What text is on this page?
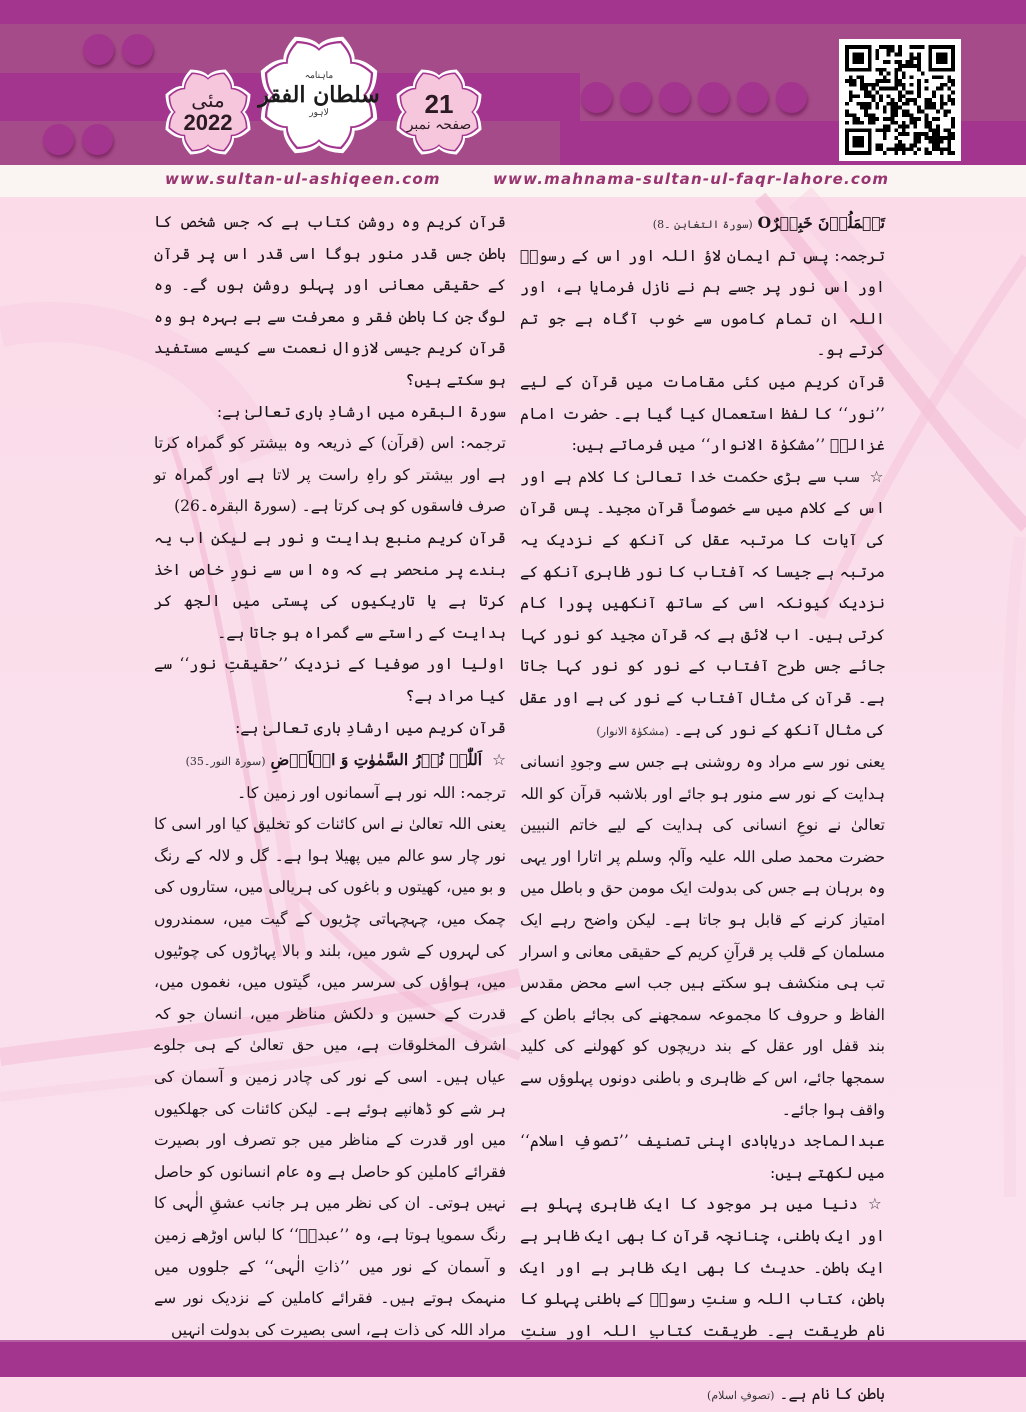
مئی
2022
ماہنامہ
سلطان الفقر
لاہور	21
صفحہ نمبر
www.sultan-ul-ashiqeen.com	www.mahnama-sultan-ul-faqr-lahore.com

تَعۡمَلُوۡنَ خَبِیۡرٌO (سورۃ التغابن ۔8)

ترجمہ: پس تم ایمان لاؤ اللہ اور اس کے رسولؐ اور اس نور پر جسے ہم نے نازل فرمایا ہے، اور اللہ ان تمام کاموں سے خوب آگاہ ہے جو تم کرتے ہو۔

قرآنِ کریم میں کئی مقامات میں قرآن کے لیے ’’نور‘‘ کا لفظ استعمال کیا گیا ہے۔ حضرت امام غزالیؒ ’’مشکوٰۃ الانوار‘‘ میں فرماتے ہیں:

☆سب سے بڑی حکمت خدا تعالیٰ کا کلام ہے اور اس کے کلام میں سے خصوصاً قرآنِ مجید۔ پس قرآن کی آیات کا مرتبہ عقل کی آنکھ کے نزدیک یہ مرتبہ ہے جیسا کہ آفتاب کا نور ظاہری آنکھ کے نزدیک کیونکہ اسی کے ساتھ آنکھیں پورا کام کرتی ہیں۔ اب لائق ہے کہ قرآنِ مجید کو نور کہا جائے جس طرح آفتاب کے نور کو نور کہا جاتا ہے۔ قرآن کی مثال آفتاب کے نور کی ہے اور عقل کی مثال آنکھ کے نور کی ہے۔ (مشکوٰۃ الانوار)

یعنی نور سے مراد وہ روشنی ہے جس سے وجودِ انسانی ہدایت کے نور سے منور ہو جائے اور بلاشبہ قرآن کو اللہ تعالیٰ نے نوعِ انسانی کی ہدایت کے لیے خاتم النبیین حضرت محمد صلی اللہ علیہ وآلہٖ وسلم پر اتارا اور یہی وہ برہان ہے جس کی بدولت ایک مومن حق و باطل میں امتیاز کرنے کے قابل ہو جاتا ہے۔ لیکن واضح رہے ایک مسلمان کے قلب پر قرآنِ کریم کے حقیقی معانی و اسرار تب ہی منکشف ہو سکتے ہیں جب اسے محض مقدس الفاظ و حروف کا مجموعہ سمجھنے کی بجائے باطن کے بند قفل اور عقل کے بند دریچوں کو کھولنے کی کلید سمجھا جائے، اس کے ظاہری و باطنی دونوں پہلوؤں سے واقف ہوا جائے۔

عبدالماجد دریابادی اپنی تصنیف ’’تصوفِ اسلام‘‘ میں لکھتے ہیں:

☆دنیا میں ہر موجود کا ایک ظاہری پہلو ہے اور ایک باطنی، چنانچہ قرآن کا بھی ایک ظاہر ہے ایک باطن۔ حدیث کا بھی ایک ظاہر ہے اور ایک باطن، کتاب اللہ و سنتِ رسولؐ کے باطنی پہلو کا نام طریقت ہے۔ طریقت کتابِ اللہ اور سنتِ باطن کا نام ہے۔ (تصوفِ اسلام)

قرآنِ کریم وہ روشن کتاب ہے کہ جس شخص کا باطن جس قدر منور ہوگا اسی قدر اس پر قرآن کے حقیقی معانی اور پہلو روشن ہوں گے۔ وہ لوگ جن کا باطن فقر و معرفت سے بے بہرہ ہو وہ قرآنِ کریم جیسی لازوال نعمت سے کیسے مستفید ہو سکتے ہیں؟

سورۃ البقرہ میں ارشادِ باری تعالیٰ ہے:

ترجمہ: اس (قرآن) کے ذریعہ وہ بیشتر کو گمراہ کرتا ہے اور بیشتر کو راہِ راست پر لاتا ہے اور گمراہ تو صرف فاسقوں کو ہی کرتا ہے۔ (سورۃ البقرہ۔26)

قرآنِ کریم منبع ہدایت و نور ہے لیکن اب یہ بندے پر منحصر ہے کہ وہ اس سے نورِ خاص اخذ کرتا ہے یا تاریکیوں کی پستی میں الجھ کر ہدایت کے راستے سے گمراہ ہو جاتا ہے۔

اولیا اور صوفیا کے نزدیک ’’حقیقتِ نور‘‘ سے کیا مراد ہے؟

قرآنِ کریم میں ارشادِ باری تعالیٰ ہے:

☆اَللّٰہُ نُوۡرُ السَّمٰوٰتِ وَ الۡاَرۡضِ (سورۃ النور۔35)

ترجمہ: اللہ نور ہے آسمانوں اور زمین کا۔

یعنی اللہ تعالیٰ نے اس کائنات کو تخلیق کیا اور اسی کا نور چار سو عالم میں پھیلا ہوا ہے۔ گل و لالہ کے رنگ و بو میں، کھیتوں و باغوں کی ہریالی میں، ستاروں کی چمک میں، چہچہاتی چڑیوں کے گیت میں، سمندروں کی لہروں کے شور میں، بلند و بالا پہاڑوں کی چوٹیوں میں، ہواؤں کی سرسر میں، گیتوں میں، نغموں میں، قدرت کے حسین و دلکش مناظر میں، انسان جو کہ اشرف المخلوقات ہے، میں حق تعالیٰ کے ہی جلوے عیاں ہیں۔ اسی کے نور کی چادر زمین و آسمان کی ہر شے کو ڈھانپے ہوئے ہے۔ لیکن کائنات کی جھلکیوں میں اور قدرت کے مناظر میں جو تصرف اور بصیرت فقرائے کاملین کو حاصل ہے وہ عام انسانوں کو حاصل نہیں ہوتی۔ ان کی نظر میں ہر جانب عشقِ الٰہی کا رنگ سمویا ہوتا ہے، وہ ’’عبدہٗ‘‘ کا لباس اوڑھے زمین و آسمان کے نور میں ’’ذاتِ الٰہی‘‘ کے جلووں میں منہمک ہوتے ہیں۔ فقرائے کاملین کے نزدیک نور سے مراد اللہ کی ذات ہے، اسی بصیرت کی بدولت انہیں
